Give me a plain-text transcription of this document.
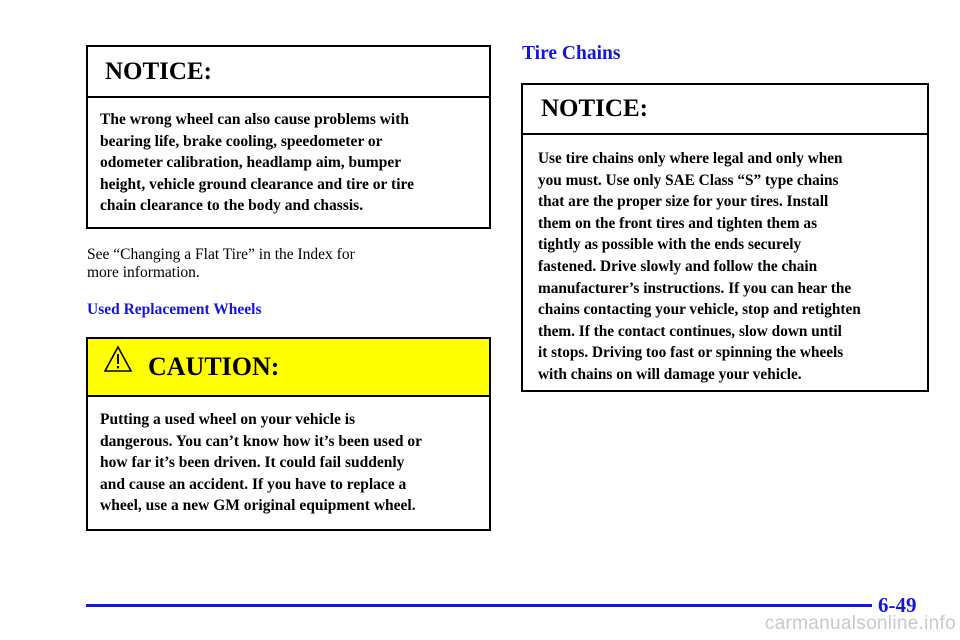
NOTICE:
The wrong wheel can also cause problems with
bearing life, brake cooling, speedometer or
odometer calibration, headlamp aim, bumper
height, vehicle ground clearance and tire or tire
chain clearance to the body and chassis.
See “Changing a Flat Tire” in the Index for
more information.
Used Replacement Wheels
CAUTION:
Putting a used wheel on your vehicle is
dangerous. You can’t know how it’s been used or
how far it’s been driven. It could fail suddenly
and cause an accident. If you have to replace a
wheel, use a new GM original equipment wheel.
Tire Chains
NOTICE:
Use tire chains only where legal and only when
you must. Use only SAE Class “S” type chains
that are the proper size for your tires. Install
them on the front tires and tighten them as
tightly as possible with the ends securely
fastened. Drive slowly and follow the chain
manufacturer’s instructions. If you can hear the
chains contacting your vehicle, stop and retighten
them. If the contact continues, slow down until
it stops. Driving too fast or spinning the wheels
with chains on will damage your vehicle.
6-49
carmanualsonline.info
